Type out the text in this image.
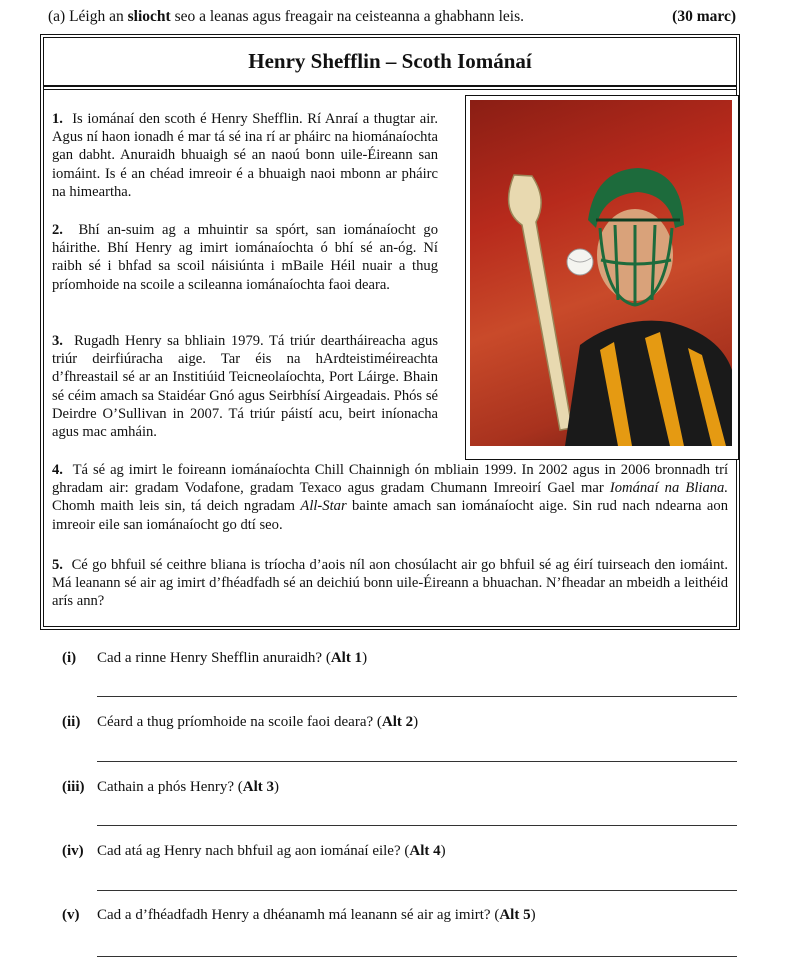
(a) Léigh an sliocht seo a leanas agus freagair na ceisteanna a ghabhann leis.	(30 marc)
Henry Shefflin – Scoth Iománaí
1. Is iománaí den scoth é Henry Shefflin. Rí Anraí a thugtar air. Agus ní haon ionadh é mar tá sé ina rí ar pháirc na hiománaíochta gan dabht. Anuraidh bhuaigh sé an naoú bonn uile-Éireann san iomáint. Is é an chéad imreoir é a bhuaigh naoi mbonn ar pháirc na himeartha.
2. Bhí an-suim ag a mhuintir sa spórt, san iománaíocht go háirithe. Bhí Henry ag imirt iománaíochta ó bhí sé an-óg. Ní raibh sé i bhfad sa scoil náisiúnta i mBaile Héil nuair a thug príomhoide na scoile a scileanna iománaíochta faoi deara.
3. Rugadh Henry sa bhliain 1979. Tá triúr deartháireacha agus triúr deirfiúracha aige. Tar éis na hArdteistiméireachta d’fhreastail sé ar an Institiúid Teicneolaíochta, Port Láirge. Bhain sé céim amach sa Staidéar Gnó agus Seirbhísí Airgeadais. Phós sé Deirdre O’Sullivan in 2007. Tá triúr páistí acu, beirt iníonacha agus mac amháin.
4. Tá sé ag imirt le foireann iománaíochta Chill Chainnigh ón mbliain 1999. In 2002 agus in 2006 bronnadh trí ghradam air: gradam Vodafone, gradam Texaco agus gradam Chumann Imreoirí Gael mar Iománaí na Bliana. Chomh maith leis sin, tá deich ngradam All-Star bainte amach san iománaíocht aige. Sin rud nach ndearna aon imreoir eile san iománaíocht go dtí seo.
5. Cé go bhfuil sé ceithre bliana is tríocha d’aois níl aon chosúlacht air go bhfuil sé ag éirí tuirseach den iomáint. Má leanann sé air ag imirt d’fhéadfadh sé an deichiú bonn uile-Éireann a bhuachan. N’fheadar an mbeidh a leithéid arís ann?
(i)	Cad a rinne Henry Shefflin anuraidh? (Alt 1)
(ii)	Céard a thug príomhoide na scoile faoi deara? (Alt 2)
(iii) Cathain a phós Henry? (Alt 3)
(iv) Cad atá ag Henry nach bhfuil ag aon iománaí eile? (Alt 4)
(v)	Cad a d’fhéadfadh Henry a dhéanamh má leanann sé air ag imirt? (Alt 5)
